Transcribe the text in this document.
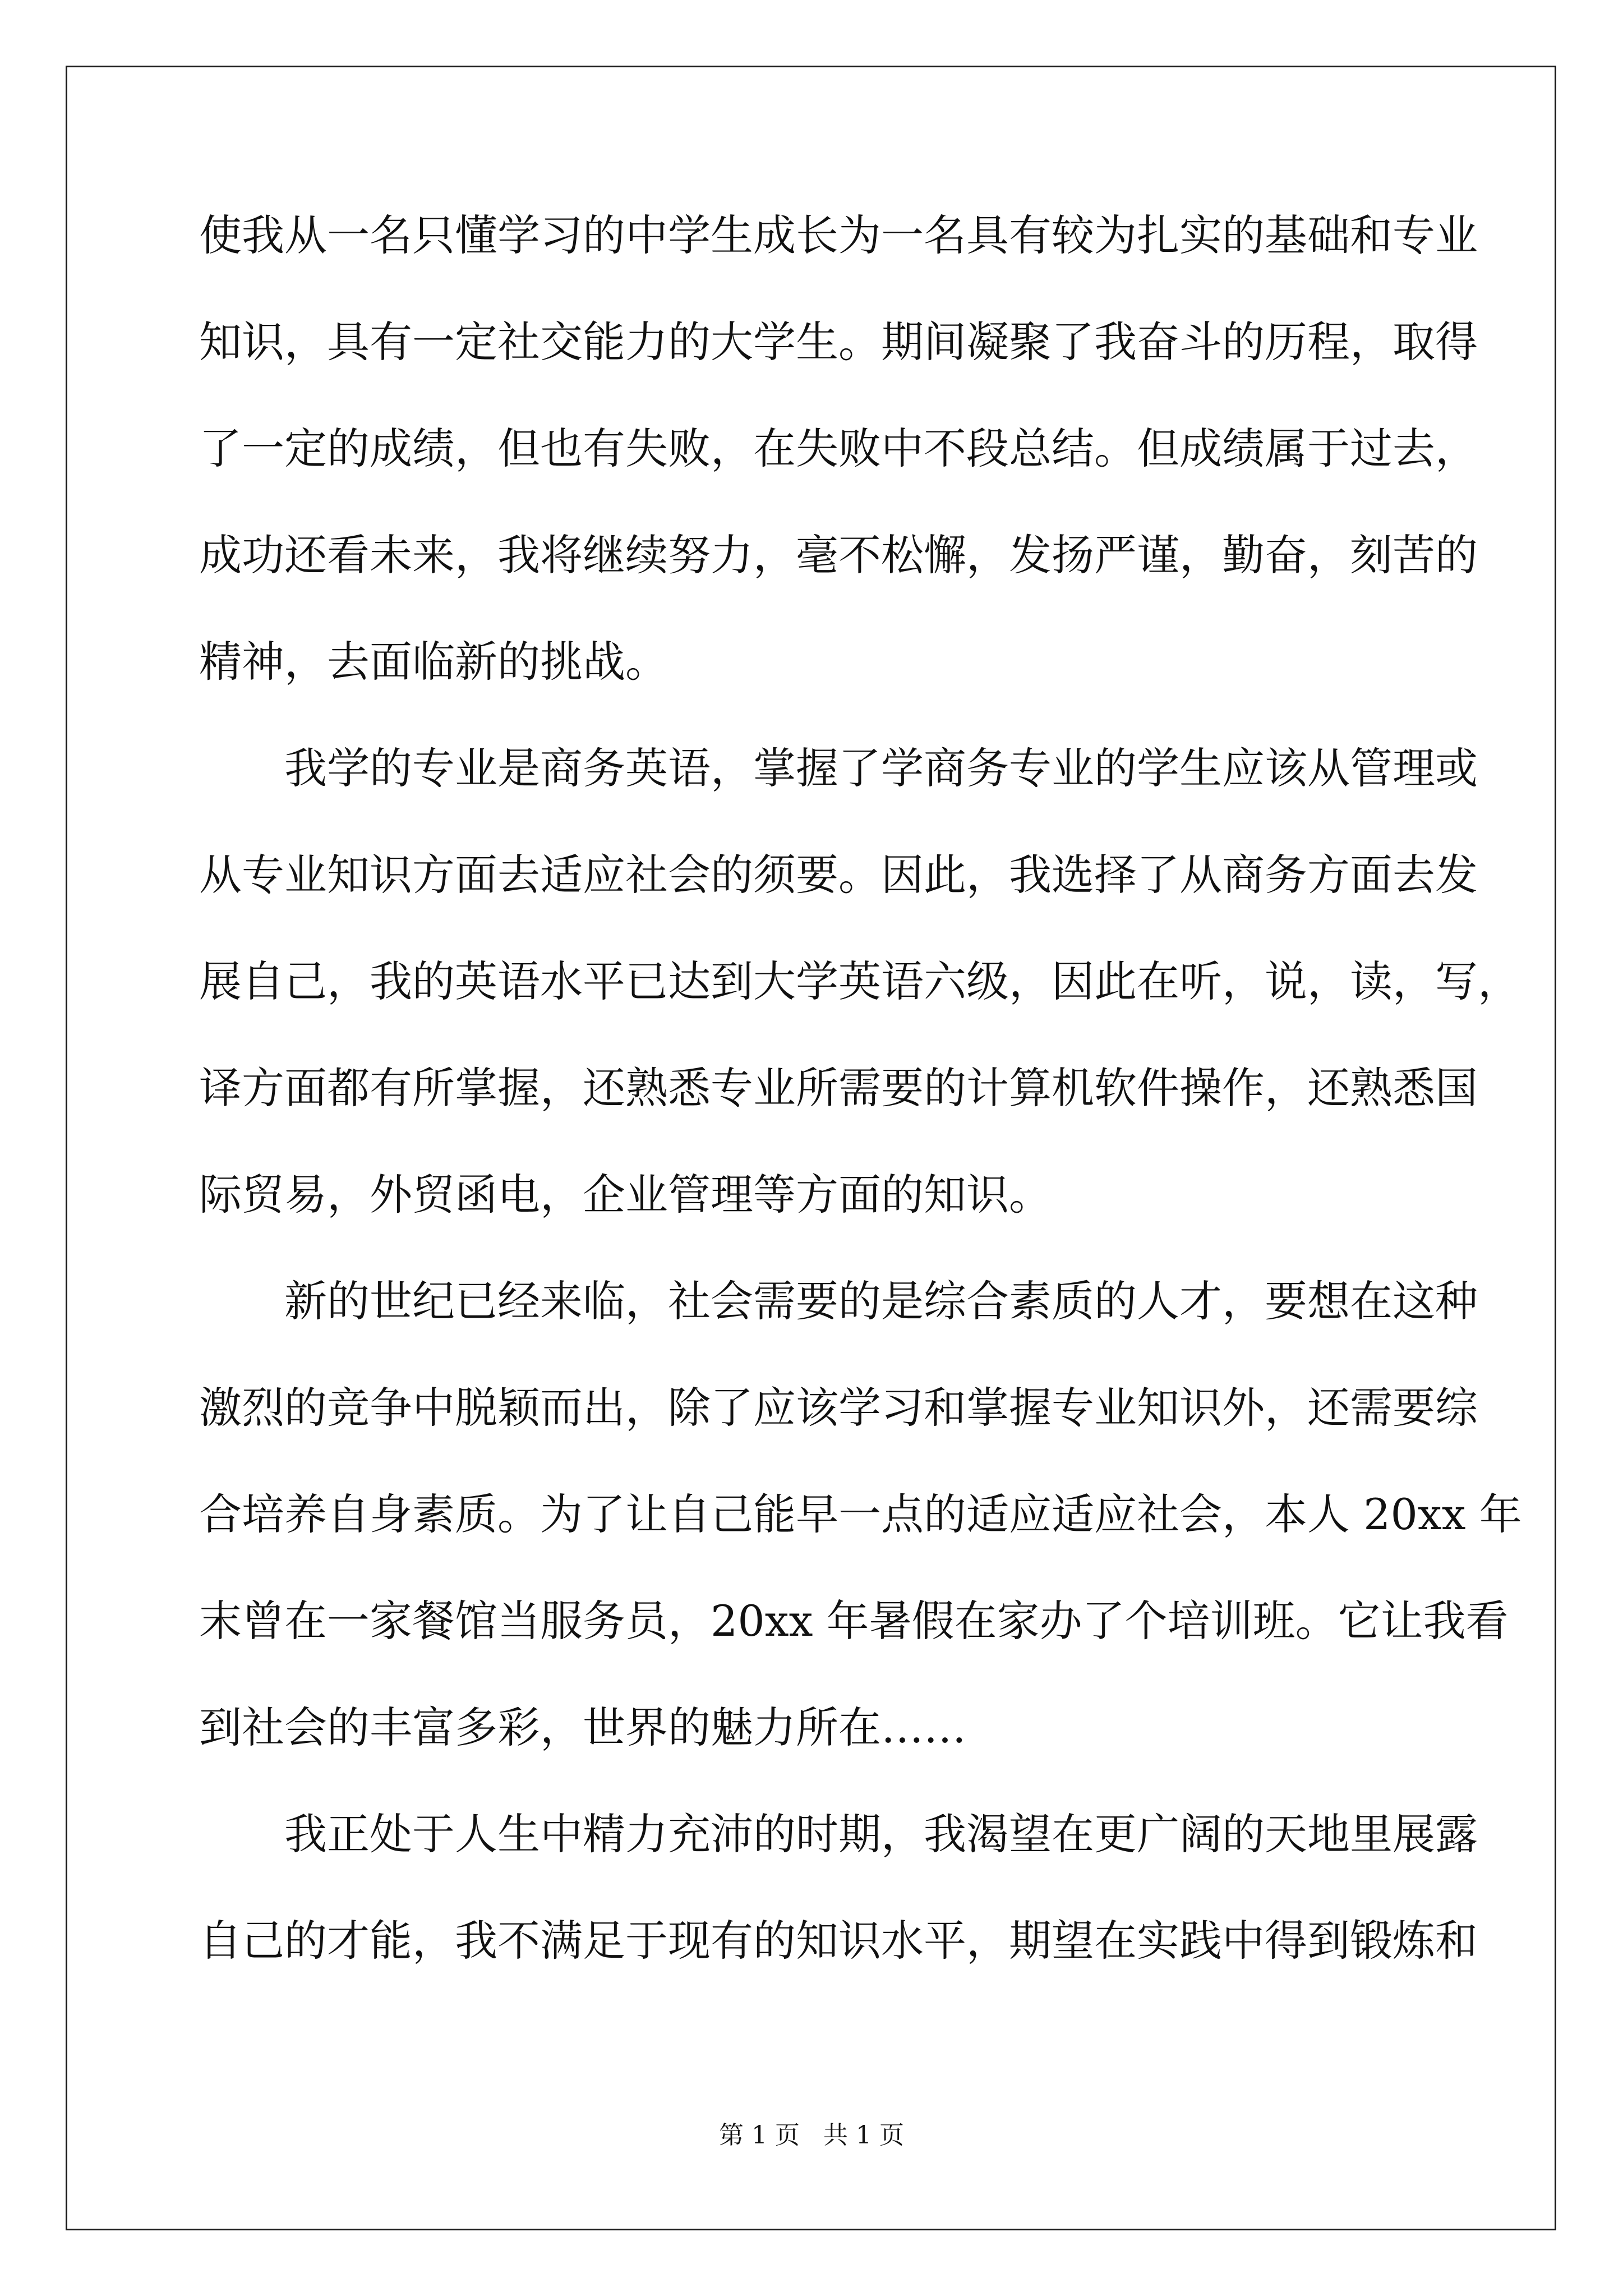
使我从一名只懂学习的中学生成长为一名具有较为扎实的基础和专业
知识，具有一定社交能力的大学生。期间凝聚了我奋斗的历程，取得
了一定的成绩，但也有失败，在失败中不段总结。但成绩属于过去，
成功还看未来，我将继续努力，毫不松懈，发扬严谨，勤奋，刻苦的
精神，去面临新的挑战。
我学的专业是商务英语，掌握了学商务专业的学生应该从管理或
从专业知识方面去适应社会的须要。因此，我选择了从商务方面去发
展自己，我的英语水平已达到大学英语六级，因此在听，说，读，写，
译方面都有所掌握，还熟悉专业所需要的计算机软件操作，还熟悉国
际贸易，外贸函电，企业管理等方面的知识。
新的世纪已经来临，社会需要的是综合素质的人才，要想在这种
激烈的竞争中脱颖而出，除了应该学习和掌握专业知识外，还需要综
合培养自身素质。为了让自己能早一点的适应适应社会，本人 20xx 年
末曾在一家餐馆当服务员，20xx 年暑假在家办了个培训班。它让我看
到社会的丰富多彩，世界的魅力所在……
我正处于人生中精力充沛的时期，我渴望在更广阔的天地里展露
自己的才能，我不满足于现有的知识水平，期望在实践中得到锻炼和
第 1 页   共 1 页
